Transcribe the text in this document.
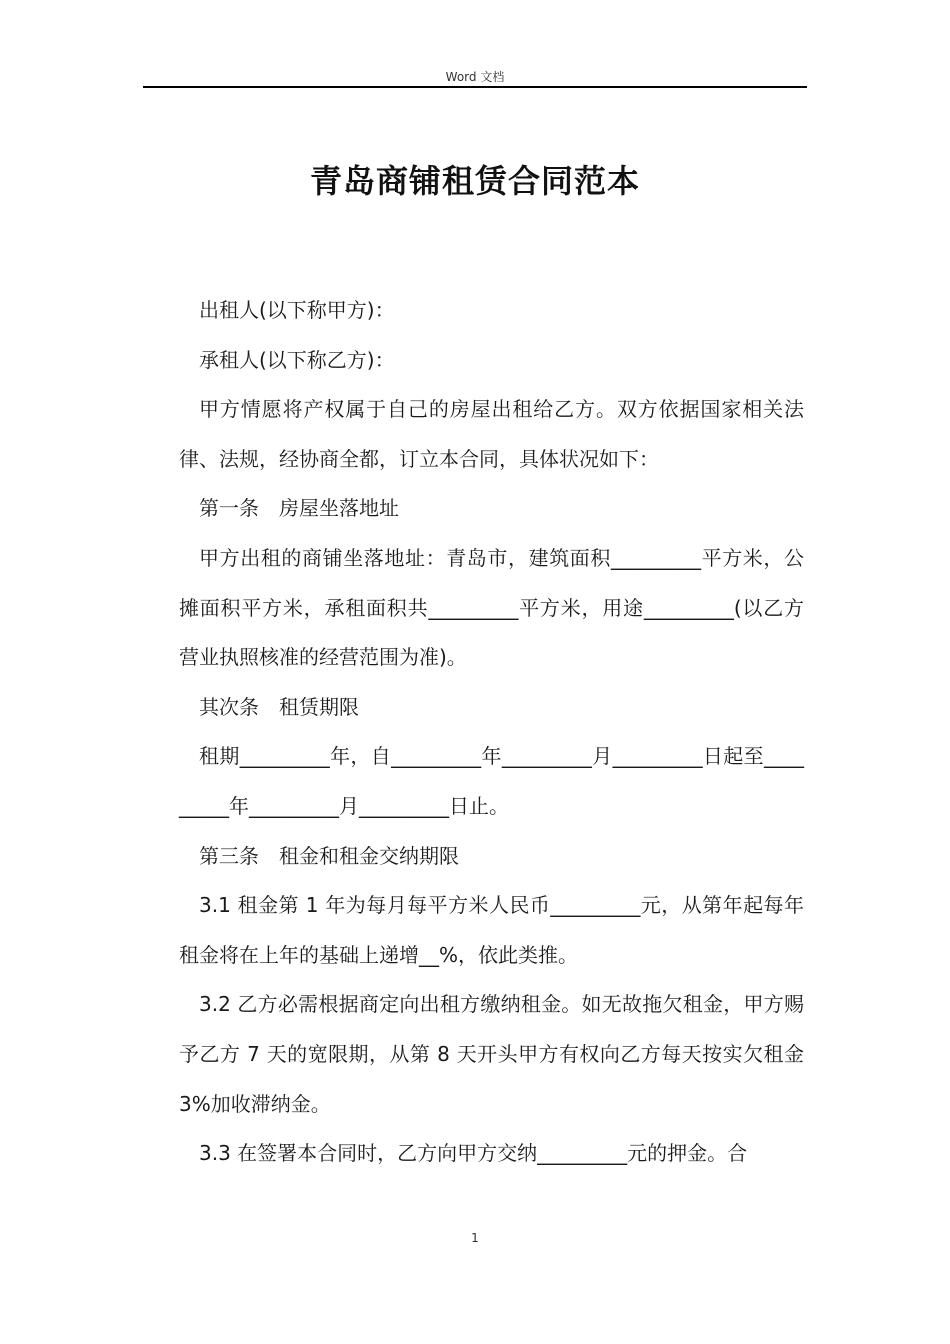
Word 文档
青岛商铺租赁合同范本

出租人(以下称甲方)：

承租人(以下称乙方)：

甲方情愿将产权属于自己的房屋出租给乙方。双方依据国家相关法律、法规，经协商全都，订立本合同，具体状况如下：

第一条　房屋坐落地址

甲方出租的商铺坐落地址：青岛市，建筑面积_________平方米，公摊面积平方米，承租面积共_________平方米，用途_________(以乙方营业执照核准的经营范围为准)。

其次条　租赁期限

租期_________年，自_________年_________月_________日起至_________年_________月_________日止。

第三条　租金和租金交纳期限

3.1 租金第 1 年为每月每平方米人民币_________元，从第年起每年租金将在上年的基础上递增__%，依此类推。

3.2 乙方必需根据商定向出租方缴纳租金。如无故拖欠租金，甲方赐予乙方 7 天的宽限期，从第 8 天开头甲方有权向乙方每天按实欠租金 3%加收滞纳金。

3.3 在签署本合同时，乙方向甲方交纳_________元的押金。合

1
